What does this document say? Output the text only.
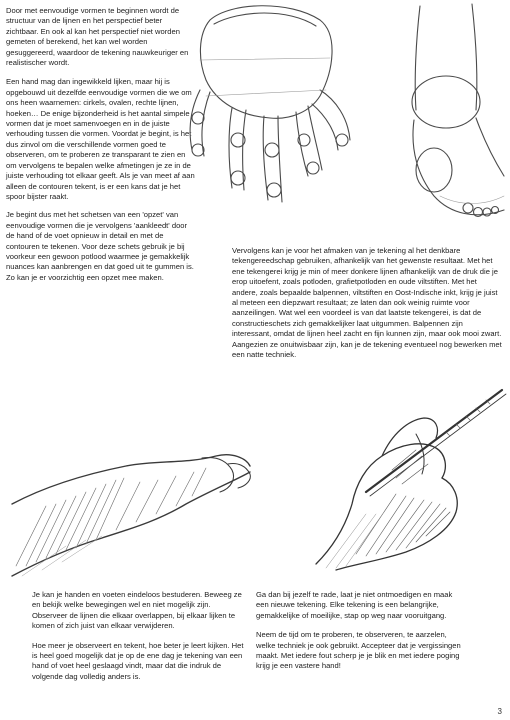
Door met eenvoudige vormen te beginnen wordt de structuur van de lijnen en het perspectief beter zichtbaar. En ook al kan het perspectief niet worden gemeten of berekend, het kan wel worden gesuggereerd, waardoor de tekening nauwkeuriger en realistischer wordt.

Een hand mag dan ingewikkeld lijken, maar hij is opgebouwd uit dezelfde eenvoudige vormen die we om ons heen waarnemen: cirkels, ovalen, rechte lijnen, hoeken… De enige bijzonderheid is het aantal simpele vormen dat je moet samenvoegen en in de juiste verhouding tussen die vormen. Voordat je begint, is het dus zinvol om die verschillende vormen goed te observeren, om te proberen ze transparant te zien en om vervolgens te bepalen welke afmetingen je ze in de juiste verhouding tot elkaar geeft. Als je van meet af aan alleen de contouren tekent, is er een kans dat je het spoor bijster raakt.

Je begint dus met het schetsen van een 'opzet' van eenvoudige vormen die je vervolgens 'aankleedt' door de hand of de voet opnieuw in detail en met de contouren te tekenen. Voor deze schets gebruik je bij voorkeur een gewoon potlood waarmee je gemakkelijk nuances kan aanbrengen en dat goed uit te gummen is. Zo kan je er voorzichtig een opzet mee maken.

Vervolgens kan je voor het afmaken van je tekening al het denkbare tekengereedschap gebruiken, afhankelijk van het gewenste resultaat. Met het ene tekengerei krijg je min of meer donkere lijnen afhankelijk van de druk die je erop uitoefent, zoals potloden, grafietpotloden en oude viltstiften. Met het andere, zoals bepaalde balpennen, viltstiften en Oost-Indische inkt, krijg je juist al meteen een diepzwart resultaat; ze laten dan ook weinig ruimte voor aanzeilingen. Wat wel een voordeel is van dat laatste tekengerei, is dat de constructieschets zich gemakkelijker laat uitgummen. Balpennen zijn interessant, omdat de lijnen heel zacht en fijn kunnen zijn, maar ook mooi zwart. Aangezien ze onuitwisbaar zijn, kan je de tekening eventueel nog bewerken met een natte techniek.

Je kan je handen en voeten eindeloos bestuderen. Beweeg ze en bekijk welke bewegingen wel en niet mogelijk zijn. Observeer de lijnen die elkaar overlappen, bij elkaar lijken te komen of zich juist van elkaar verwijderen.

Hoe meer je observeert en tekent, hoe beter je leert kijken. Het is heel goed mogelijk dat je op de ene dag je tekening van een hand of voet heel geslaagd vindt, maar dat die indruk de volgende dag volledig anders is.

Ga dan bij jezelf te rade, laat je niet ontmoedigen en maak een nieuwe tekening. Elke tekening is een belangrijke, gemakkelijke of moeilijke, stap op weg naar vooruitgang.

Neem de tijd om te proberen, te observeren, te aarzelen, welke techniek je ook gebruikt. Accepteer dat je vergissingen maakt. Met iedere fout scherp je je blik en met iedere poging krijg je een vastere hand!

3
